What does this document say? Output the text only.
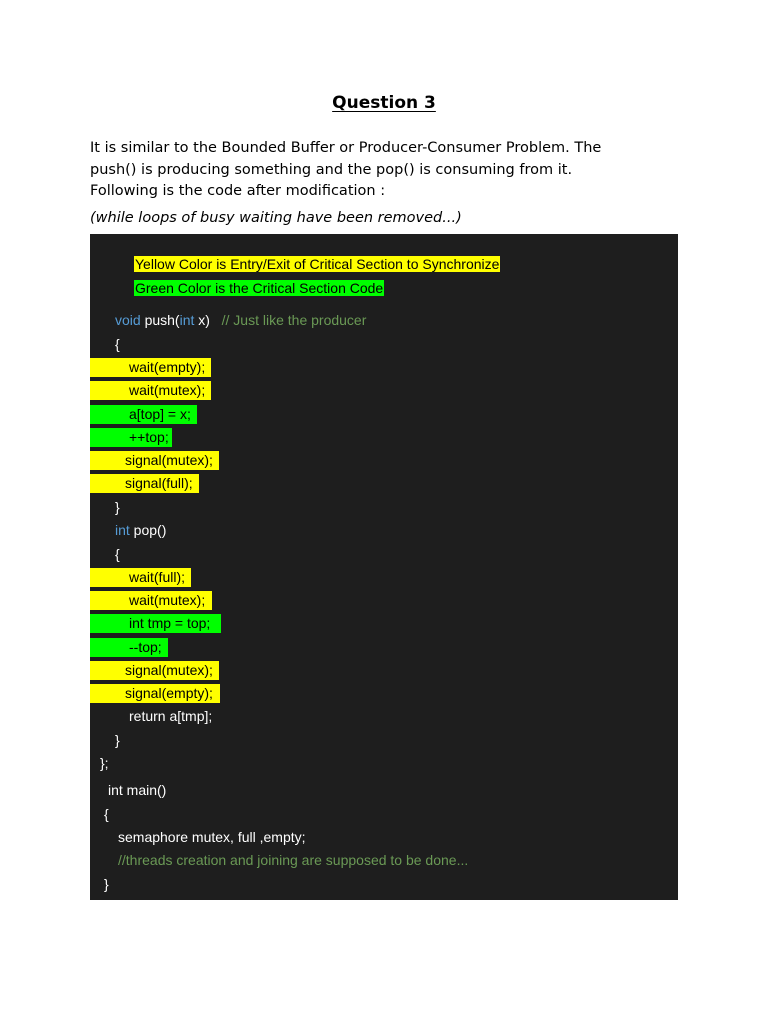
Question 3
It is similar to the Bounded Buffer or Producer-Consumer Problem. The
push() is producing something and the pop() is consuming from it.
Following is the code after modification :
(while loops of busy waiting have been removed...)
Yellow Color is Entry/Exit of Critical Section to Synchronize
Green Color is the Critical Section Code
void push(int x)   // Just like the producer
{
wait(empty);
wait(mutex);
a[top] = x;
++top;
signal(mutex);
signal(full);
}
int pop()
{
wait(full);
wait(mutex);
int tmp = top;
--top;
signal(mutex);
signal(empty);
return a[tmp];
}
};
int main()
{
semaphore mutex, full ,empty;
//threads creation and joining are supposed to be done...
}
